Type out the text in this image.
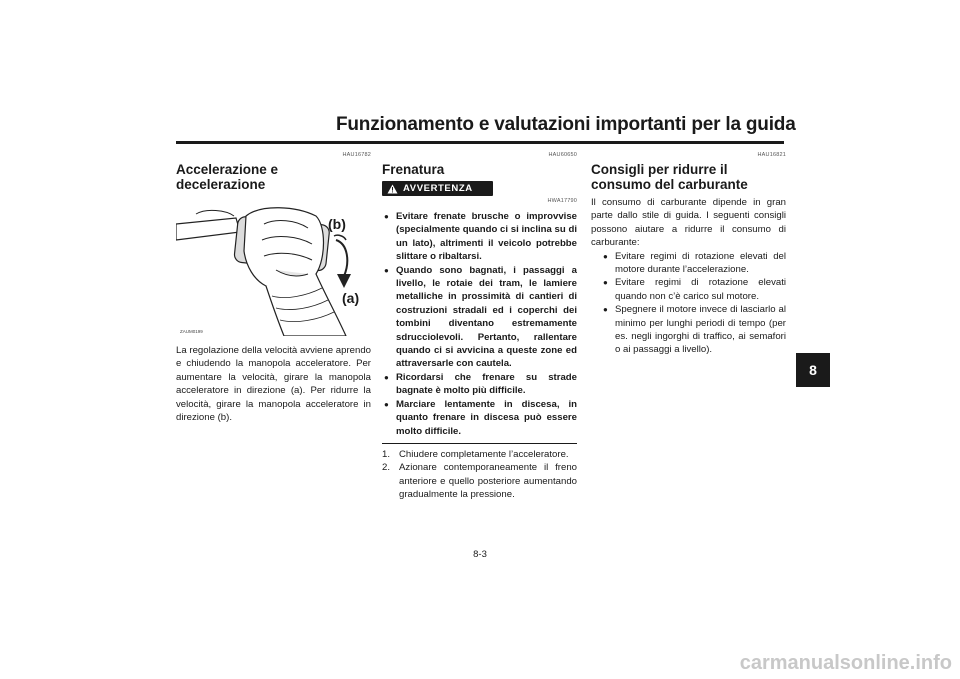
Funzionamento e valutazioni importanti per la guida
8
HAU16782
Accelerazione e decelerazione
(b)
(a)
ZAUM0199

La regolazione della velocità avviene aprendo e chiudendo la manopola acceleratore. Per aumentare la velocità, girare la manopola acceleratore in direzione (a). Per ridurre la velocità, girare la manopola acceleratore in direzione (b).

HAU60650
Frenatura
AVVERTENZA
HWA17790
● Evitare frenate brusche o improvvise (specialmente quando ci si inclina su di un lato), altrimenti il veicolo potrebbe slittare o ribaltarsi.
● Quando sono bagnati, i passaggi a livello, le rotaie dei tram, le lamiere metalliche in prossimità di cantieri di costruzioni stradali ed i coperchi dei tombini diventano estremamente sdrucciolevoli. Pertanto, rallentare quando ci si avvicina a queste zone ed attraversarle con cautela.
● Ricordarsi che frenare su strade bagnate è molto più difficile.
● Marciare lentamente in discesa, in quanto frenare in discesa può essere molto difficile.
1. Chiudere completamente l’acceleratore.
2. Azionare contemporaneamente il freno anteriore e quello posteriore aumentando gradualmente la pressione.
HAU16821
Consigli per ridurre il consumo del carburante

Il consumo di carburante dipende in gran parte dallo stile di guida. I seguenti consigli possono aiutare a ridurre il consumo di carburante:

● Evitare regimi di rotazione elevati del motore durante l’accelerazione.
● Evitare regimi di rotazione elevati quando non c’è carico sul motore.
● Spegnere il motore invece di lasciarlo al minimo per lunghi periodi di tempo (per es. negli ingorghi di traffico, ai semafori o ai passaggi a livello).
8-3
carmanualsonline.info
